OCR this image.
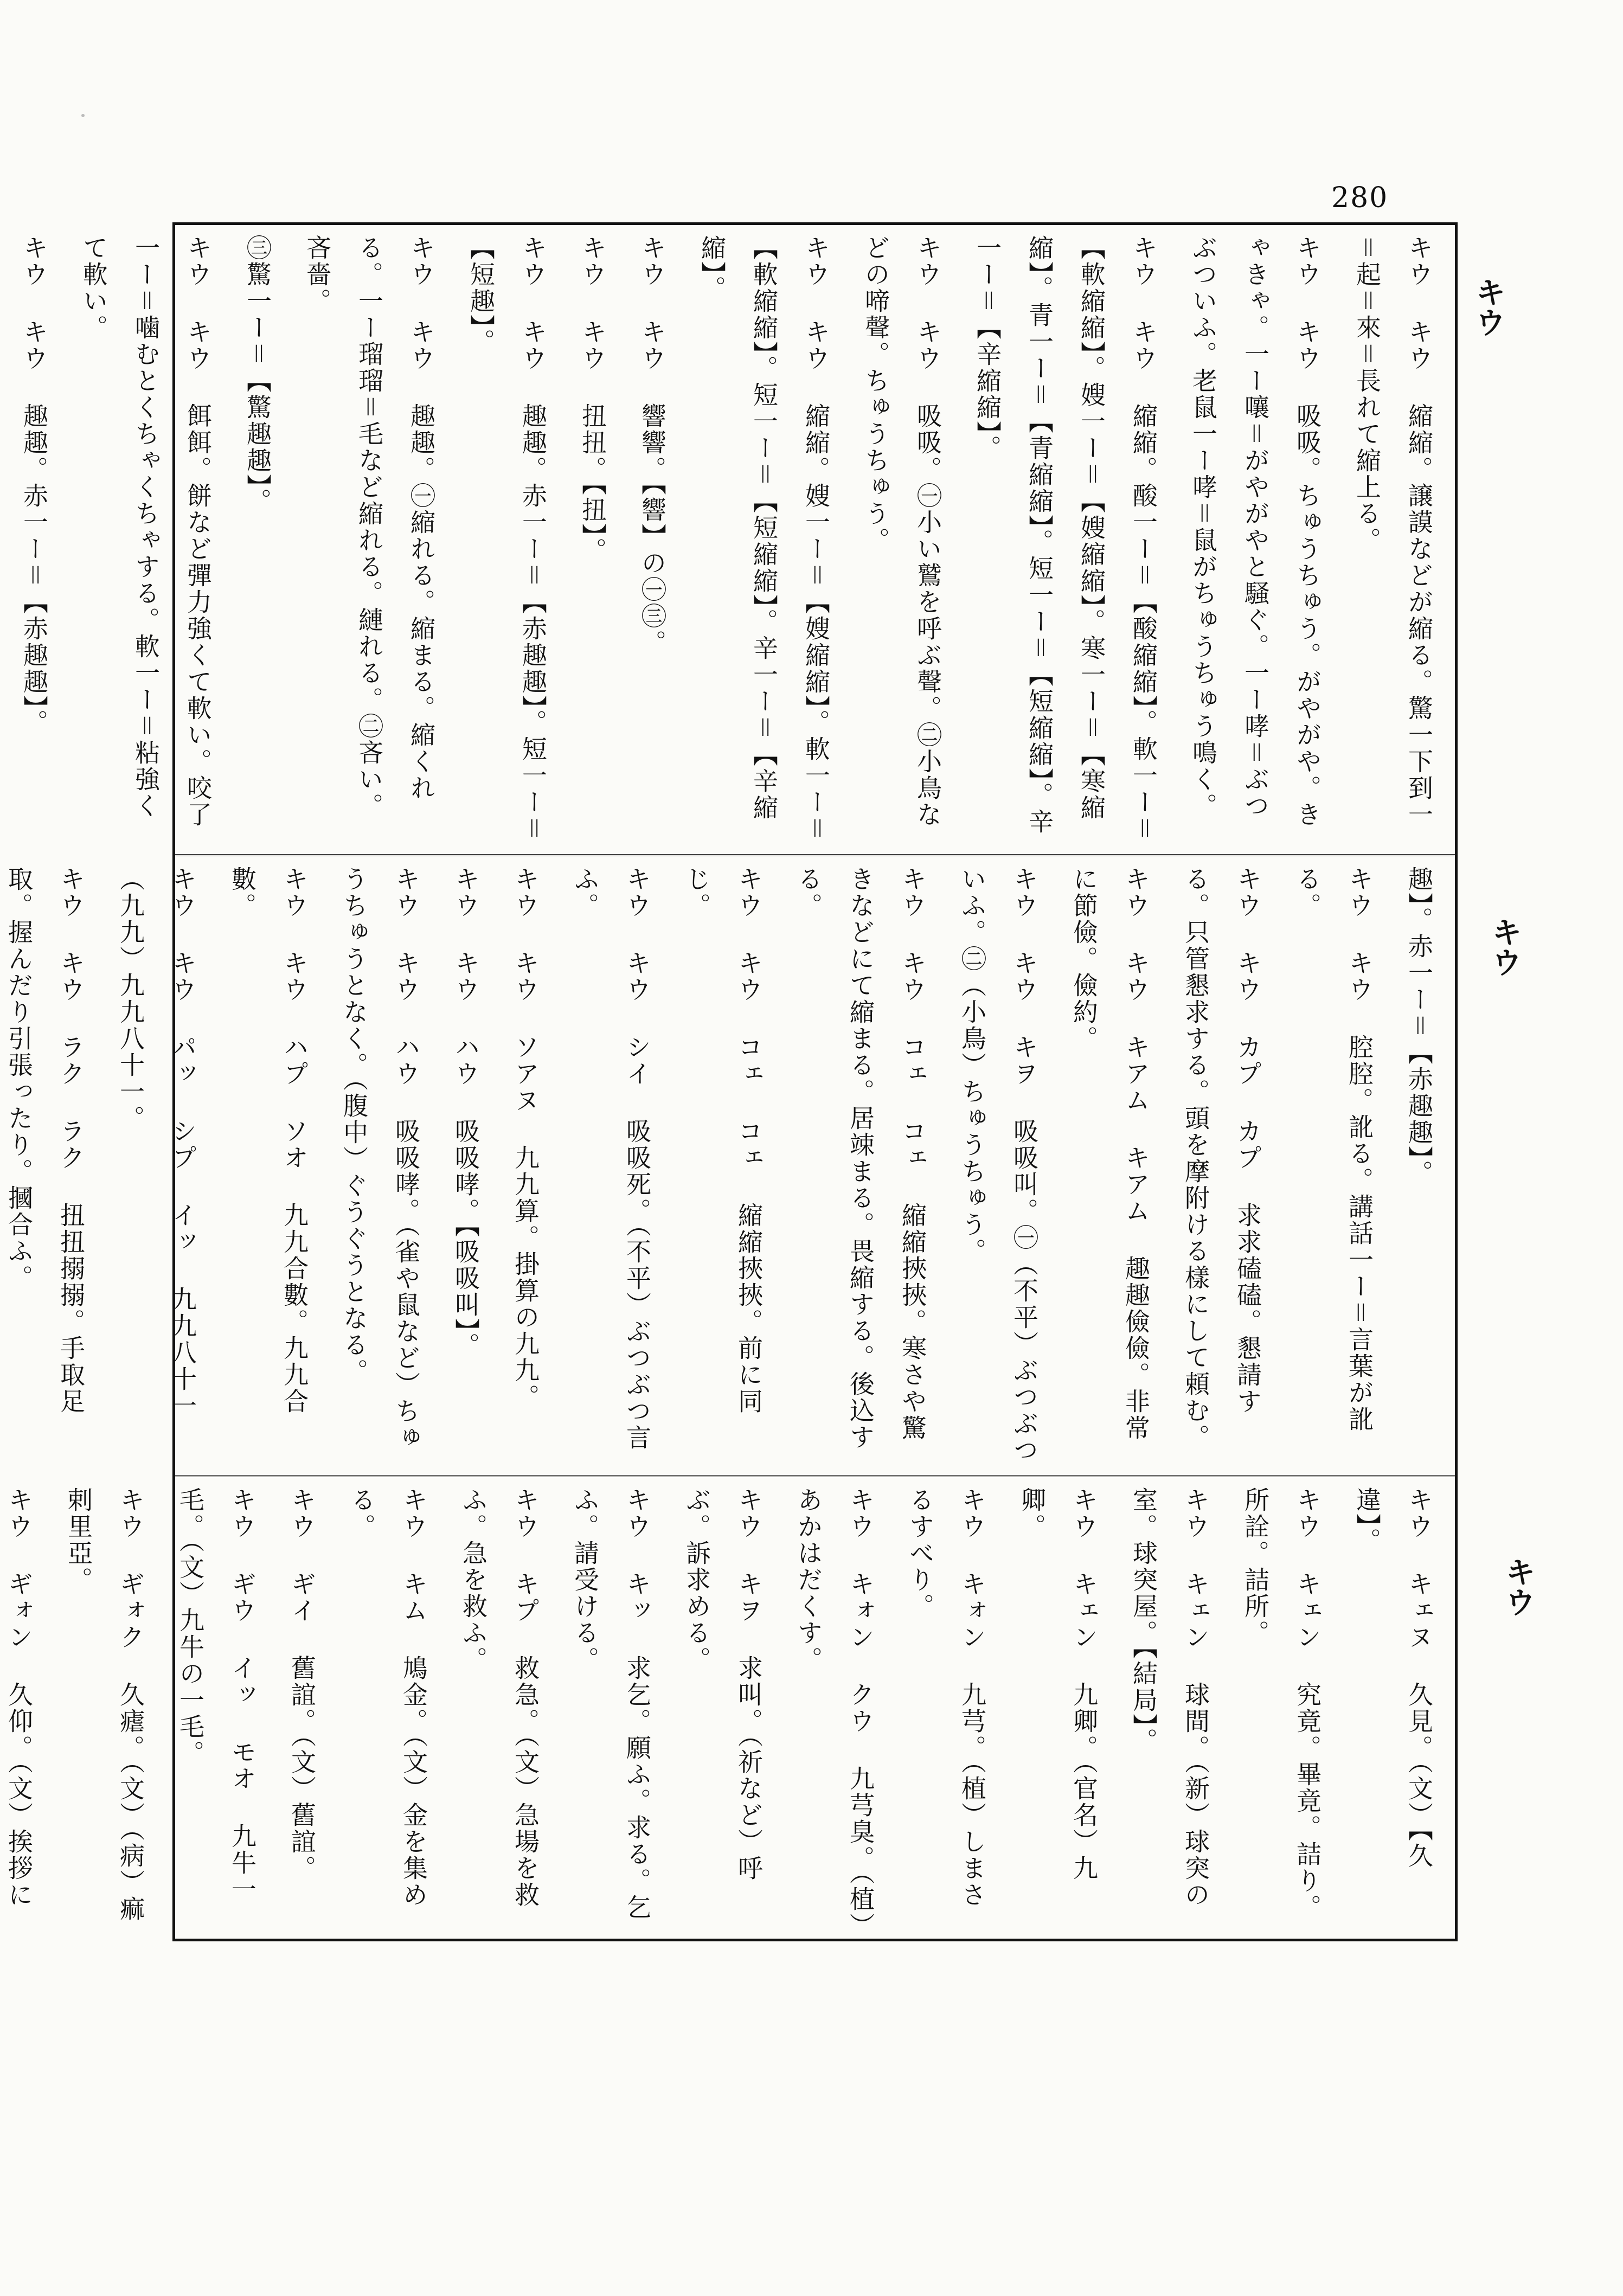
280
キウ
キウ
キウ
キウ キウ 縮縮。譲謨などが縮る。驚一下到一＝起＝來＝長れて縮上る。
キウ キウ 吸吸。ちゅうちゅう。がやがや。きゃきゃ。一ー嚷＝がやがやと騒ぐ。一ー哮＝ぶつぶついふ。老鼠一ー哮＝鼠がちゅうちゅう鳴く。
キウ キウ 縮縮。酸一ー＝【酸縮縮】。軟一ー＝【軟縮縮】。嫂一ー＝【嫂縮縮】。寒一ー＝【寒縮縮】。青一ー＝【青縮縮】。短一ー＝【短縮縮】。辛一ー＝【辛縮縮】。
キウ キウ 吸吸。㊀小い鷲を呼ぶ聲。㊁小鳥などの啼聲。ちゅうちゅう。
キウ キウ 縮縮。嫂一ー＝【嫂縮縮】。軟一ー＝【軟縮縮】。短一ー＝【短縮縮】。辛一ー＝【辛縮縮】。
キウ キウ 響響。【響】の㊀㊂。
キウ キウ 扭扭。【扭】。
キウ キウ 趣趣。赤一ー＝【赤趣趣】。短一ー＝【短趣】。
キウ キウ 趣趣。㊀縮れる。縮まる。縮くれる。一ー瑠瑠＝毛など縮れる。縺れる。㊁吝い。吝嗇。
㊂驚一ー＝【驚趣趣】。
キウ キウ 餌餌。餅など彈力強くて軟い。咬了一ー＝噛むとくちゃくちゃする。軟一ー＝粘強くて軟い。
キウ キウ 趣趣。赤一ー＝【赤趣趣】。
趣】。赤一ー＝【赤趣趣】。
キウ キウ 腔腔。訛る。講話一ー＝言葉が訛る。
キウ キウ カプ カプ 求求磕磕。懇請する。只管懇求する。頭を摩附ける樣にして頼む。
キウ キウ キアム キアム 趣趣儉儉。非常に節儉。儉約。
キウ キウ キヲ 吸吸叫。㊀（不平）ぶつぶついふ。㊁（小鳥）ちゅうちゅう。
キウ キウ コェ コェ 縮縮挾挾。寒さや驚きなどにて縮まる。居竦まる。畏縮する。後込する。
キウ キウ コェ コェ 縮縮挾挾。前に同じ。
キウ キウ シイ 吸吸死。（不平）ぶつぶつ言ふ。
キウ キウ ソアヌ 九九算。掛算の九九。
キウ キウ ハウ 吸吸哮。【吸吸叫】。
キウ キウ ハウ 吸吸哮。（雀や鼠など）ちゅうちゅうとなく。（腹中）ぐうぐうとなる。
キウ キウ ハプ ソオ 九九合數。九九合數。
キウ キウ パッ シプ イッ 九九八十一（九九）九九八十一。
キウ キウ ラク ラク 扭扭搦搦。手取足取。握んだり引張ったり。摑合ふ。
キウ キェヌ 久見。（文）【久違】。
キウ キェン 究竟。畢竟。詰り。所詮。詰所。
キウ キェン 球間。（新）球突の室。球突屋。【結局】。
キウ キェン 九卿。（官名）九卿。
キウ キォン 九芎。（植）しまさるすべり。
キウ キォン クウ 九芎臭。（植）あかはだくす。
キウ キヲ 求叫。（祈など）呼ぶ。訴求める。
キウ キッ 求乞。願ふ。求る。乞ふ。請受ける。
キウ キプ 救急。（文）急場を救ふ。急を救ふ。
キウ キム 鳩金。（文）金を集める。
キウ ギイ 舊誼。（文）舊誼。
キウ ギウ イッ モオ 九牛一毛。（文）九牛の一毛。
キウ ギォク 久瘧。（文）（病）痲剌里亞。
キウ ギォン 久仰。（文）挨拶に
